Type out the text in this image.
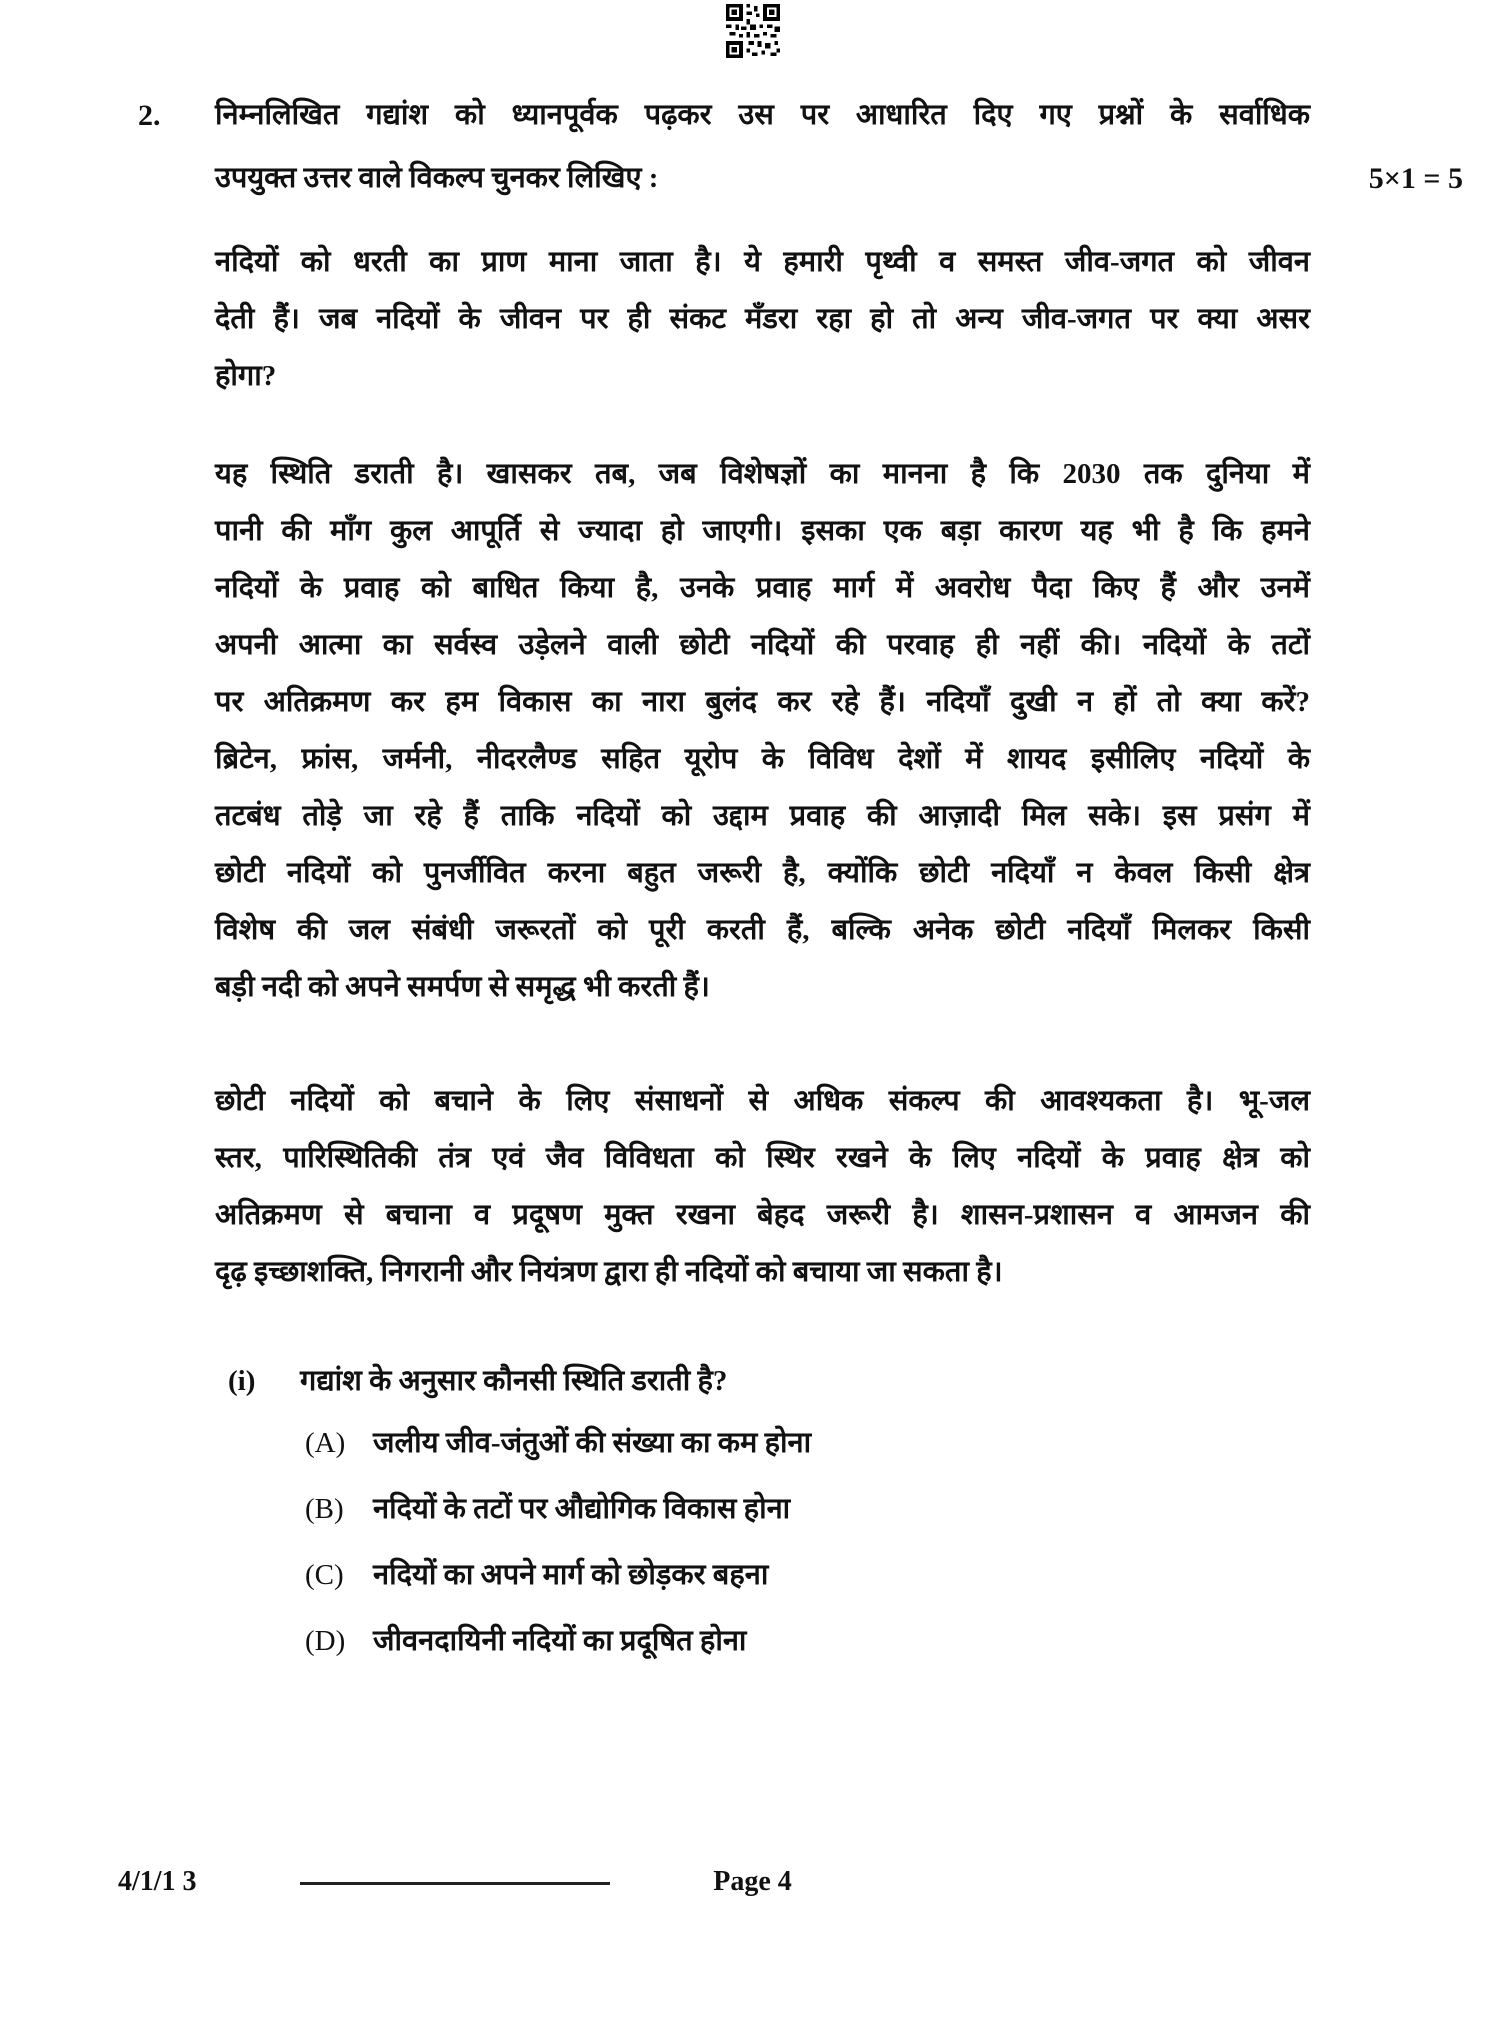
2.	निम्नलिखित गद्यांश को ध्यानपूर्वक पढ़कर उस पर आधारित दिए गए प्रश्नों के सर्वाधिक
उपयुक्त उत्तर वाले विकल्प चुनकर लिखिए :
नदियों को धरती का प्राण माना जाता है। ये हमारी पृथ्वी व समस्त जीव-जगत को जीवन
देती हैं। जब नदियों के जीवन पर ही संकट मँडरा रहा हो तो अन्य जीव-जगत पर क्या असर
होगा?
यह स्थिति डराती है। खासकर तब, जब विशेषज्ञों का मानना है कि 2030 तक दुनिया में
पानी की माँग कुल आपूर्ति से ज्यादा हो जाएगी। इसका एक बड़ा कारण यह भी है कि हमने
नदियों के प्रवाह को बाधित किया है, उनके प्रवाह मार्ग में अवरोध पैदा किए हैं और उनमें
अपनी आत्मा का सर्वस्व उड़ेलने वाली छोटी नदियों की परवाह ही नहीं की। नदियों के तटों
पर अतिक्रमण कर हम विकास का नारा बुलंद कर रहे हैं। नदियाँ दुखी न हों तो क्या करें?
ब्रिटेन, फ्रांस, जर्मनी, नीदरलैण्ड सहित यूरोप के विविध देशों में शायद इसीलिए नदियों के
तटबंध तोड़े जा रहे हैं ताकि नदियों को उद्दाम प्रवाह की आज़ादी मिल सके। इस प्रसंग में
छोटी नदियों को पुनर्जीवित करना बहुत जरूरी है, क्योंकि छोटी नदियाँ न केवल किसी क्षेत्र
विशेष की जल संबंधी जरूरतों को पूरी करती हैं, बल्कि अनेक छोटी नदियाँ मिलकर किसी
बड़ी नदी को अपने समर्पण से समृद्ध भी करती हैं।
छोटी नदियों को बचाने के लिए संसाधनों से अधिक संकल्प की आवश्यकता है। भू-जल
स्तर, पारिस्थितिकी तंत्र एवं जैव विविधता को स्थिर रखने के लिए नदियों के प्रवाह क्षेत्र को
अतिक्रमण से बचाना व प्रदूषण मुक्त रखना बेहद जरूरी है। शासन-प्रशासन व आमजन की
दृढ़ इच्छाशक्ति, निगरानी और नियंत्रण द्वारा ही नदियों को बचाया जा सकता है।
(i)	गद्यांश के अनुसार कौनसी स्थिति डराती है?
(A) जलीय जीव-जंतुओं की संख्या का कम होना
(B)	नदियों के तटों पर औद्योगिक विकास होना
(C)	नदियों का अपने मार्ग को छोड़कर बहना
(D) जीवनदायिनी नदियों का प्रदूषित होना
5×1 = 5
4/1/1 3	Page 4
